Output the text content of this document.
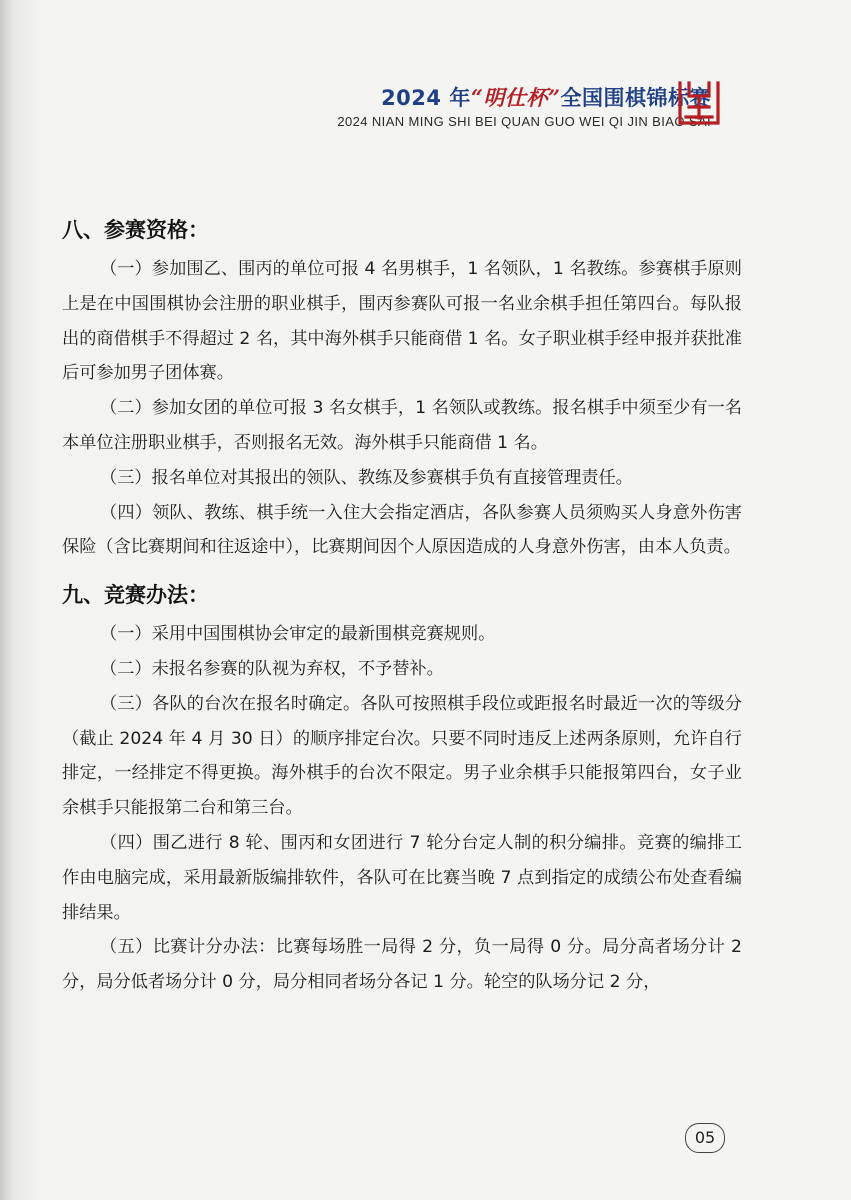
2024 年“明仕杯”全国围棋锦标赛
2024 NIAN MING SHI BEI QUAN GUO WEI QI JIN BIAO SAI
八、参赛资格：

（一）参加围乙、围丙的单位可报 4 名男棋手，1 名领队，1 名教练。参赛棋手原则上是在中国围棋协会注册的职业棋手，围丙参赛队可报一名业余棋手担任第四台。每队报出的商借棋手不得超过 2 名，其中海外棋手只能商借 1 名。女子职业棋手经申报并获批准后可参加男子团体赛。

（二）参加女团的单位可报 3 名女棋手，1 名领队或教练。报名棋手中须至少有一名本单位注册职业棋手，否则报名无效。海外棋手只能商借 1 名。

（三）报名单位对其报出的领队、教练及参赛棋手负有直接管理责任。

（四）领队、教练、棋手统一入住大会指定酒店，各队参赛人员须购买人身意外伤害保险（含比赛期间和往返途中），比赛期间因个人原因造成的人身意外伤害，由本人负责。

九、竞赛办法：

（一）采用中国围棋协会审定的最新围棋竞赛规则。

（二）未报名参赛的队视为弃权，不予替补。

（三）各队的台次在报名时确定。各队可按照棋手段位或距报名时最近一次的等级分（截止 2024 年 4 月 30 日）的顺序排定台次。只要不同时违反上述两条原则，允许自行排定，一经排定不得更换。海外棋手的台次不限定。男子业余棋手只能报第四台，女子业余棋手只能报第二台和第三台。

（四）围乙进行 8 轮、围丙和女团进行 7 轮分台定人制的积分编排。竞赛的编排工作由电脑完成，采用最新版编排软件，各队可在比赛当晚 7 点到指定的成绩公布处查看编排结果。

（五）比赛计分办法：比赛每场胜一局得 2 分，负一局得 0 分。局分高者场分计 2 分，局分低者场分计 0 分，局分相同者场分各记 1 分。轮空的队场分记 2 分，

05
